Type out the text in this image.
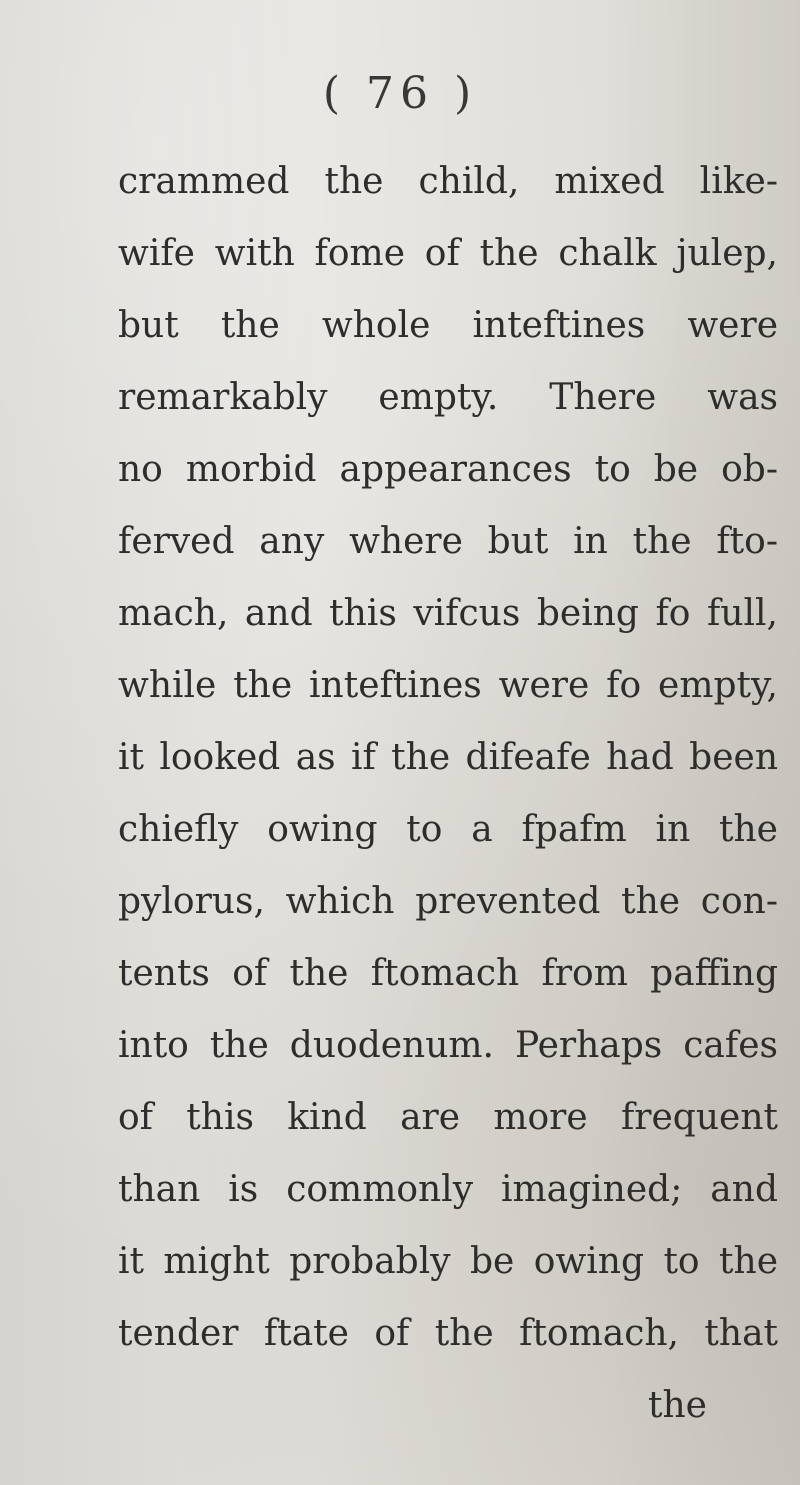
( 76 )
crammed the child, mixed like-
wife with fome of the chalk julep,
but the whole inteftines were
remarkably empty. There was
no morbid appearances to be ob-
ferved any where but in the fto-
mach, and this vifcus being fo full,
while the inteftines were fo empty,
it looked as if the difeafe had been
chiefly owing to a fpafm in the
pylorus, which prevented the con-
tents of the ftomach from paffing
into the duodenum. Perhaps cafes
of this kind are more frequent
than is commonly imagined; and
it might probably be owing to the
tender ftate of the ftomach, that
the
